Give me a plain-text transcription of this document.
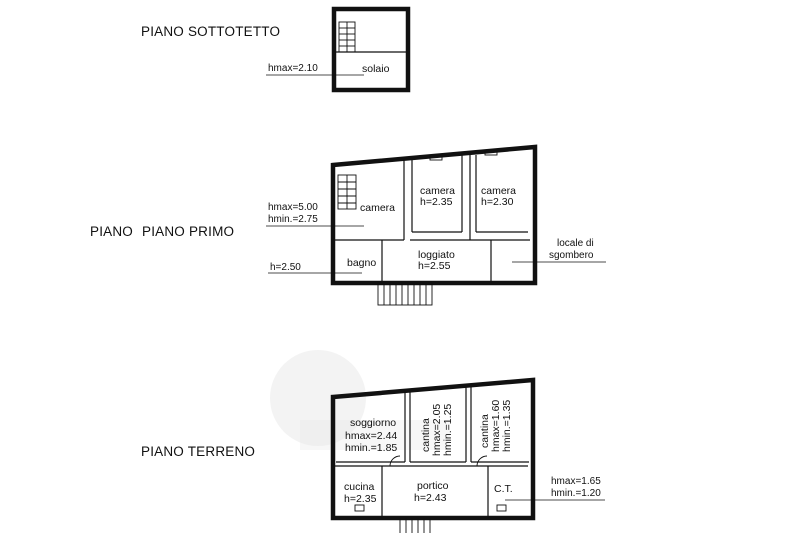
PIANO SOTTOTETTO
solaio
hmax=2.10
PIANO PIANO PRIMO
camera
camera
h=2.35
camera
h=2.30
bagno
loggiato
h=2.55
hmax=5.00
hmin.=2.75
h=2.50
locale di
sgombero
PIANO TERRENO
soggiorno
hmax=2.44
hmin.=1.85 cantina hmax=2.05 hmin.=1.25 cantina hmax=1.60 hmin.=1.35
cucina
h=2.35
portico
h=2.43
C.T.
hmax=1.65
hmin.=1.20
